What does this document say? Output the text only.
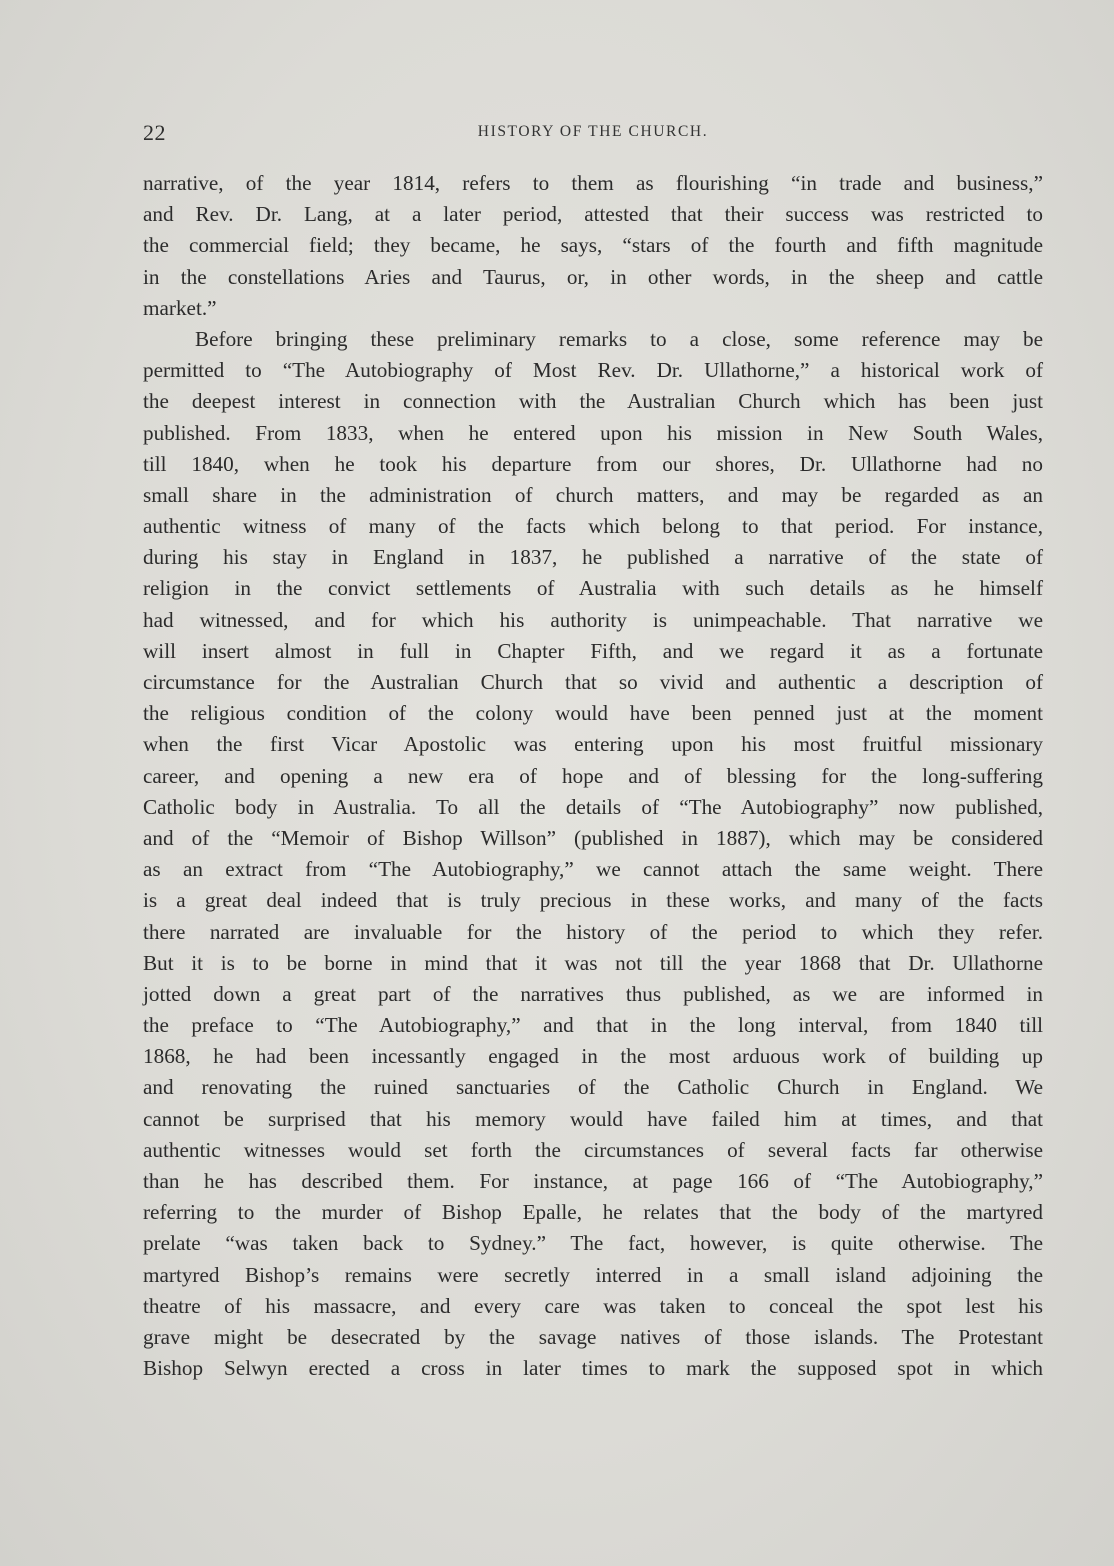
22	HISTORY OF THE CHURCH.
narrative, of the year 1814, refers to them as flourishing “in trade and business,”
and Rev. Dr. Lang, at a later period, attested that their success was restricted to
the commercial field; they became, he says, “stars of the fourth and fifth magnitude
in the constellations Aries and Taurus, or, in other words, in the sheep and cattle
market.”
Before bringing these preliminary remarks to a close, some reference may be
permitted to “The Autobiography of Most Rev. Dr. Ullathorne,” a historical work of
the deepest interest in connection with the Australian Church which has been just
published. From 1833, when he entered upon his mission in New South Wales,
till 1840, when he took his departure from our shores, Dr. Ullathorne had no
small share in the administration of church matters, and may be regarded as an
authentic witness of many of the facts which belong to that period. For instance,
during his stay in England in 1837, he published a narrative of the state of
religion in the convict settlements of Australia with such details as he himself
had witnessed, and for which his authority is unimpeachable. That narrative we
will insert almost in full in Chapter Fifth, and we regard it as a fortunate
circumstance for the Australian Church that so vivid and authentic a description of
the religious condition of the colony would have been penned just at the moment
when the first Vicar Apostolic was entering upon his most fruitful missionary
career, and opening a new era of hope and of blessing for the long-suffering
Catholic body in Australia. To all the details of “The Autobiography” now published,
and of the “Memoir of Bishop Willson” (published in 1887), which may be considered
as an extract from “The Autobiography,” we cannot attach the same weight. There
is a great deal indeed that is truly precious in these works, and many of the facts
there narrated are invaluable for the history of the period to which they refer.
But it is to be borne in mind that it was not till the year 1868 that Dr. Ullathorne
jotted down a great part of the narratives thus published, as we are informed in
the preface to “The Autobiography,” and that in the long interval, from 1840 till
1868, he had been incessantly engaged in the most arduous work of building up
and renovating the ruined sanctuaries of the Catholic Church in England. We
cannot be surprised that his memory would have failed him at times, and that
authentic witnesses would set forth the circumstances of several facts far otherwise
than he has described them. For instance, at page 166 of “The Autobiography,”
referring to the murder of Bishop Epalle, he relates that the body of the martyred
prelate “was taken back to Sydney.” The fact, however, is quite otherwise. The
martyred Bishop’s remains were secretly interred in a small island adjoining the
theatre of his massacre, and every care was taken to conceal the spot lest his
grave might be desecrated by the savage natives of those islands. The Protestant
Bishop Selwyn erected a cross in later times to mark the supposed spot in which
